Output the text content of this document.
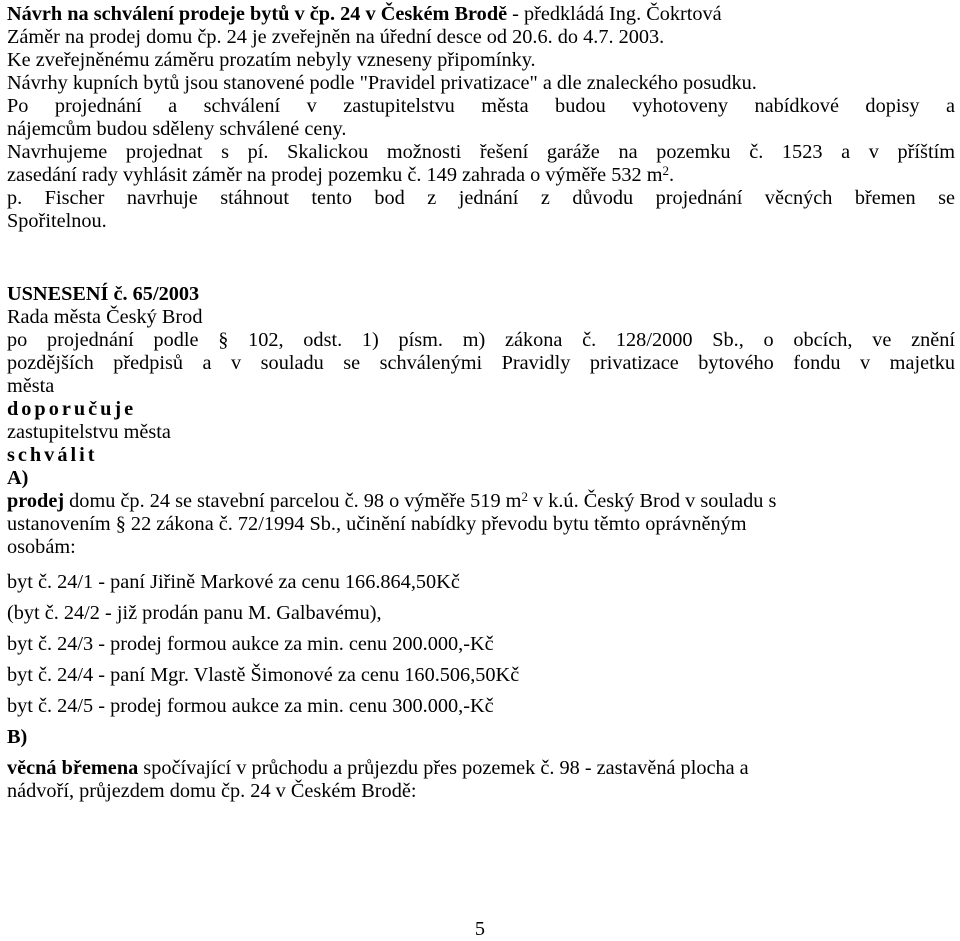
Návrh na schválení prodeje bytů v čp. 24 v Českém Brodě - předkládá Ing. Čokrtová

Záměr na prodej domu čp. 24 je zveřejněn na úřední desce od 20.6. do 4.7. 2003.

Ke zveřejněnému záměru prozatím nebyly vzneseny připomínky.

Návrhy kupních bytů jsou stanovené podle "Pravidel privatizace" a dle znaleckého posudku.

Po projednání a schválení v zastupitelstvu města budou vyhotoveny nabídkové dopisy a

nájemcům budou sděleny schválené ceny.

Navrhujeme projednat s pí. Skalickou možnosti řešení garáže na pozemku č. 1523 a v příštím

zasedání rady vyhlásit záměr na prodej pozemku č. 149 zahrada o výměře 532 $m^2$.

p. Fischer navrhuje stáhnout tento bod z jednání z důvodu projednání věcných břemen se

Spořitelnou.

USNESENÍ č. 65/2003

Rada města Český Brod

po projednání podle § 102, odst. 1) písm. m) zákona č. 128/2000 Sb., o obcích, ve znění

pozdějších předpisů a v souladu se schválenými Pravidly privatizace bytového fondu v majetku

města

doporučuje

zastupitelstvu města

schválit

A)

prodej domu čp. 24 se stavební parcelou č. 98 o výměře 519 $m^2$ v k.ú. Český Brod v souladu s

ustanovením § 22 zákona č. 72/1994 Sb., učinění nabídky převodu bytu těmto oprávněným

osobám:

byt č. 24/1 - paní Jiřině Markové za cenu 166.864,50Kč

(byt č. 24/2 - již prodán panu M. Galbavému),

byt č. 24/3 - prodej formou aukce za min. cenu 200.000,-Kč

byt č. 24/4 - paní Mgr. Vlastě Šimonové za cenu 160.506,50Kč

byt č. 24/5 - prodej formou aukce za min. cenu 300.000,-Kč

B)

věcná břemena spočívající v průchodu a průjezdu přes pozemek č. 98 - zastavěná plocha a

nádvoří, průjezdem domu čp. 24 v Českém Brodě:

5
